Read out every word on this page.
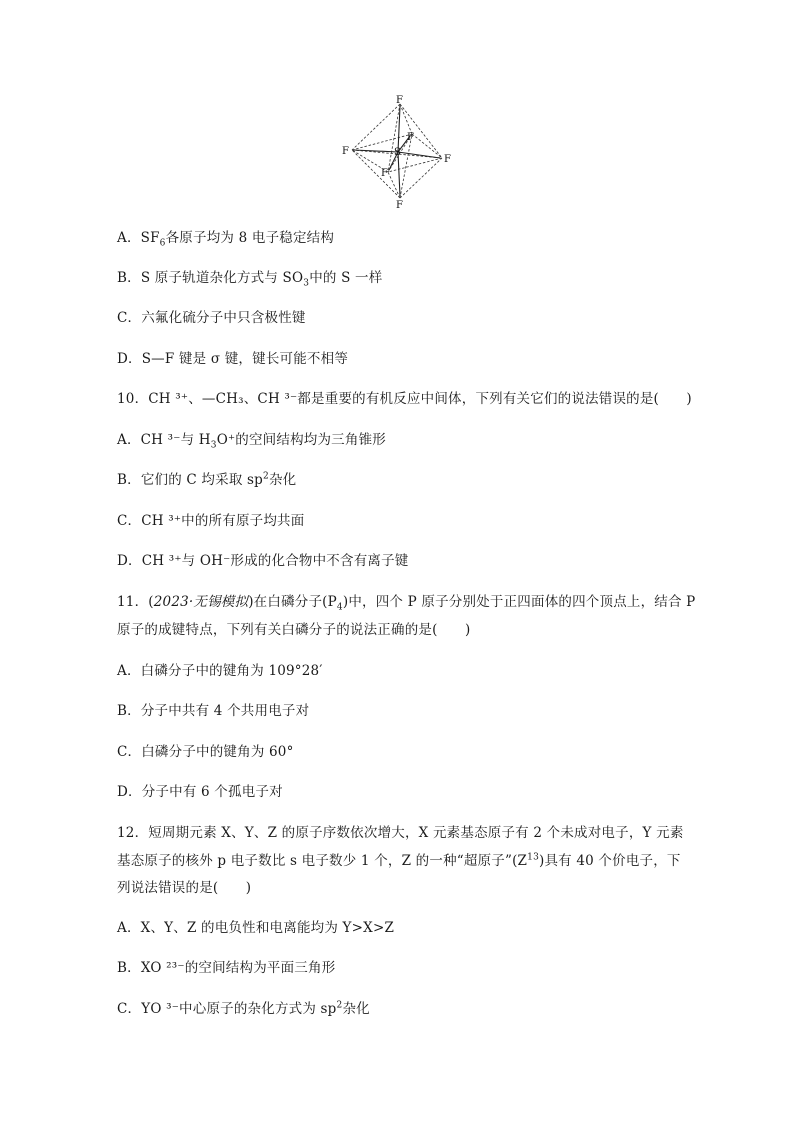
F
F
F
F
F
F
S
A．$SF_6$各原子均为 8 电子稳定结构
B．S 原子轨道杂化方式与 $SO_3$中的 S 一样
C．六氟化硫分子中只含极性键
D．S—F 键是 σ 键，键长可能不相等
10．CH ³⁺、—CH₃、CH ³⁻都是重要的有机反应中间体，下列有关它们的说法错误的是(　　)
A．CH ³⁻与 $H_3O^+$的空间结构均为三角锥形
B．它们的 C 均采取 $sp^2$杂化
C．CH ³⁺中的所有原子均共面
D．CH ³⁺与 OH⁻形成的化合物中不含有离子键
11．(2023·无锡模拟)在白磷分子$(P_4)$中，四个 P 原子分别处于正四面体的四个顶点上，结合 P
原子的成键特点，下列有关白磷分子的说法正确的是(　　)
A．白磷分子中的键角为 109°28′
B．分子中共有 4 个共用电子对
C．白磷分子中的键角为 60°
D．分子中有 6 个孤电子对
12．短周期元素 X、Y、Z 的原子序数依次增大，X 元素基态原子有 2 个未成对电子，Y 元素
基态原子的核外 p 电子数比 s 电子数少 1 个，Z 的一种“超原子$”(Z^{13})$具有 40 个价电子，下
列说法错误的是(　　)
A．X、Y、Z 的电负性和电离能均为 Y>X>Z
B．XO ²³⁻的空间结构为平面三角形
C．YO ³⁻中心原子的杂化方式为 $sp^2$杂化
